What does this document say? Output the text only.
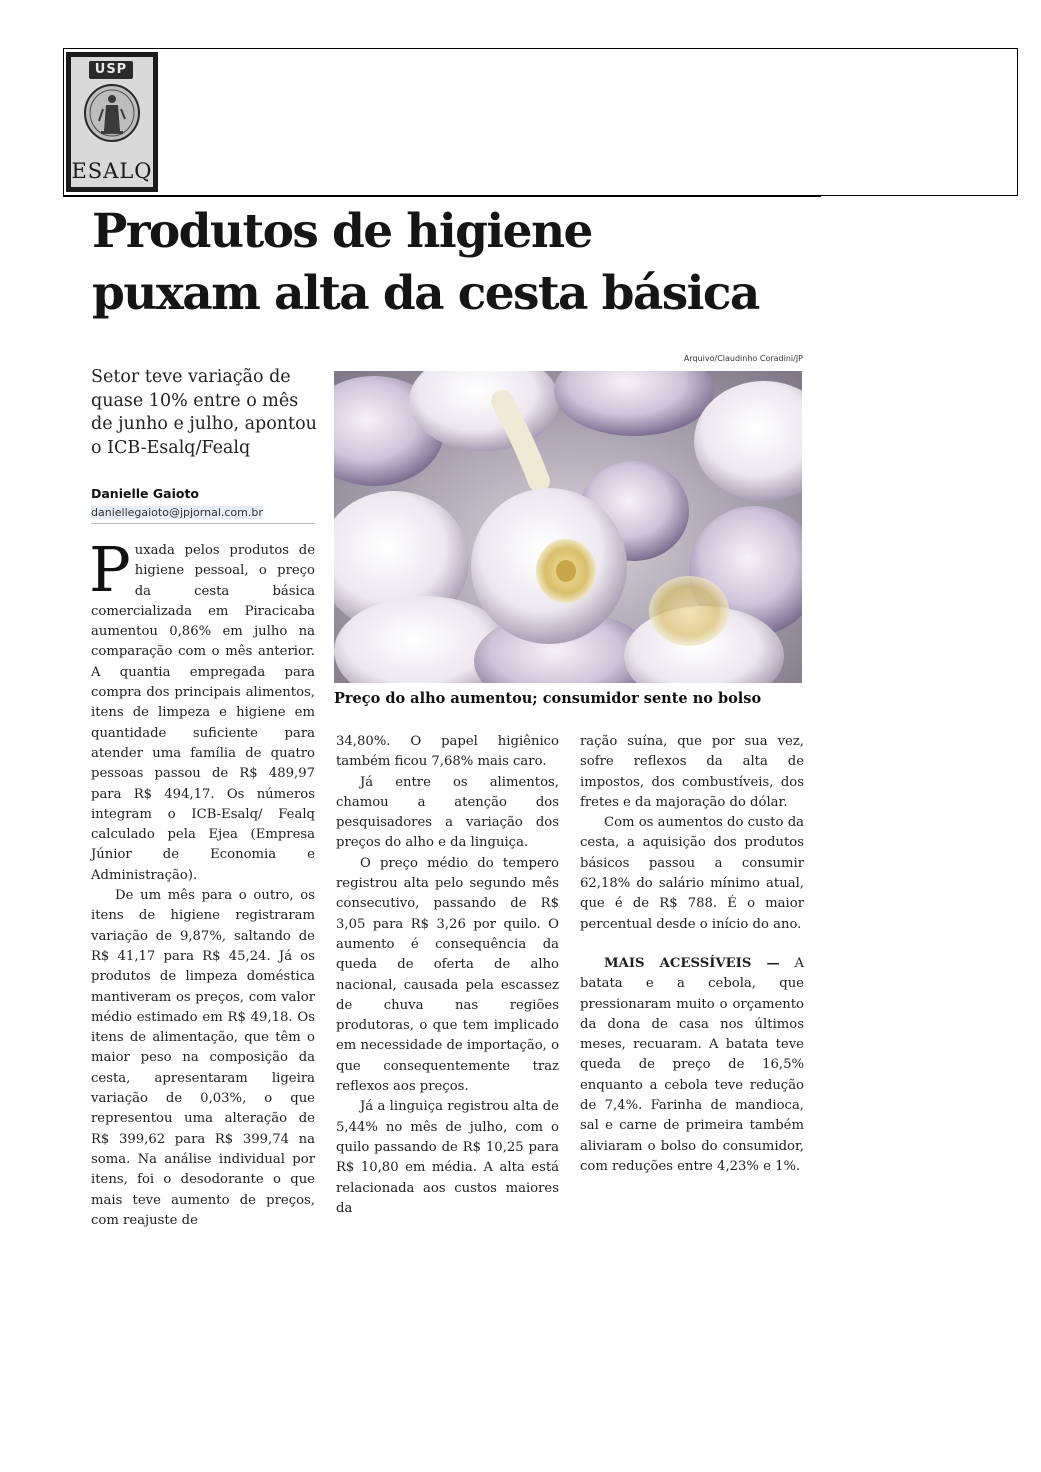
USP
ESALQ
Produtos de higiene
puxam alta da cesta básica

Setor teve variação de quase 10% entre o mês de junho e julho, apontou o ICB-Esalq/Fealq

Danielle Gaioto
daniellegaioto@jpjornal.com.br
Arquivo/Claudinho Coradini/JP

Preço do alho aumentou; consumidor sente no bolso

Puxada pelos produtos de higiene pessoal, o preço da cesta básica comercializada em Piracicaba aumentou 0,86% em julho na comparação com o mês anterior. A quantia empregada para compra dos principais alimentos, itens de limpeza e higiene em quantidade suficiente para atender uma família de quatro pessoas passou de R$ 489,97 para R$ 494,17. Os números integram o ICB-Esalq/ Fealq calculado pela Ejea (Empresa Júnior de Economia e Administração).

De um mês para o outro, os itens de higiene registraram variação de 9,87%, saltando de R$ 41,17 para R$ 45,24. Já os produtos de limpeza doméstica mantiveram os preços, com valor médio estimado em R$ 49,18. Os itens de alimentação, que têm o maior peso na composição da cesta, apresentaram ligeira variação de 0,03%, o que representou uma alteração de R$ 399,62 para R$ 399,74 na soma. Na análise individual por itens, foi o desodorante o que mais teve aumento de preços, com reajuste de

34,80%. O papel higiênico também ficou 7,68% mais caro.

Já entre os alimentos, chamou a atenção dos pesquisadores a variação dos preços do alho e da linguiça.

O preço médio do tempero registrou alta pelo segundo mês consecutivo, passando de R$ 3,05 para R$ 3,26 por quilo. O aumento é consequência da queda de oferta de alho nacional, causada pela escassez de chuva nas regiões produtoras, o que tem implicado em necessidade de importação, o que consequentemente traz reflexos aos preços.

Já a linguiça registrou alta de 5,44% no mês de julho, com o quilo passando de R$ 10,25 para R$ 10,80 em média. A alta está relacionada aos custos maiores da

ração suína, que por sua vez, sofre reflexos da alta de impostos, dos combustíveis, dos fretes e da majoração do dólar.

Com os aumentos do custo da cesta, a aquisição dos produtos básicos passou a consumir 62,18% do salário mínimo atual, que é de R$ 788. É o maior percentual desde o início do ano.

MAIS ACESSÍVEIS — A batata e a cebola, que pressionaram muito o orçamento da dona de casa nos últimos meses, recuaram. A batata teve queda de preço de 16,5% enquanto a cebola teve redução de 7,4%. Farinha de mandioca, sal e carne de primeira também aliviaram o bolso do consumidor, com reduções entre 4,23% e 1%.
